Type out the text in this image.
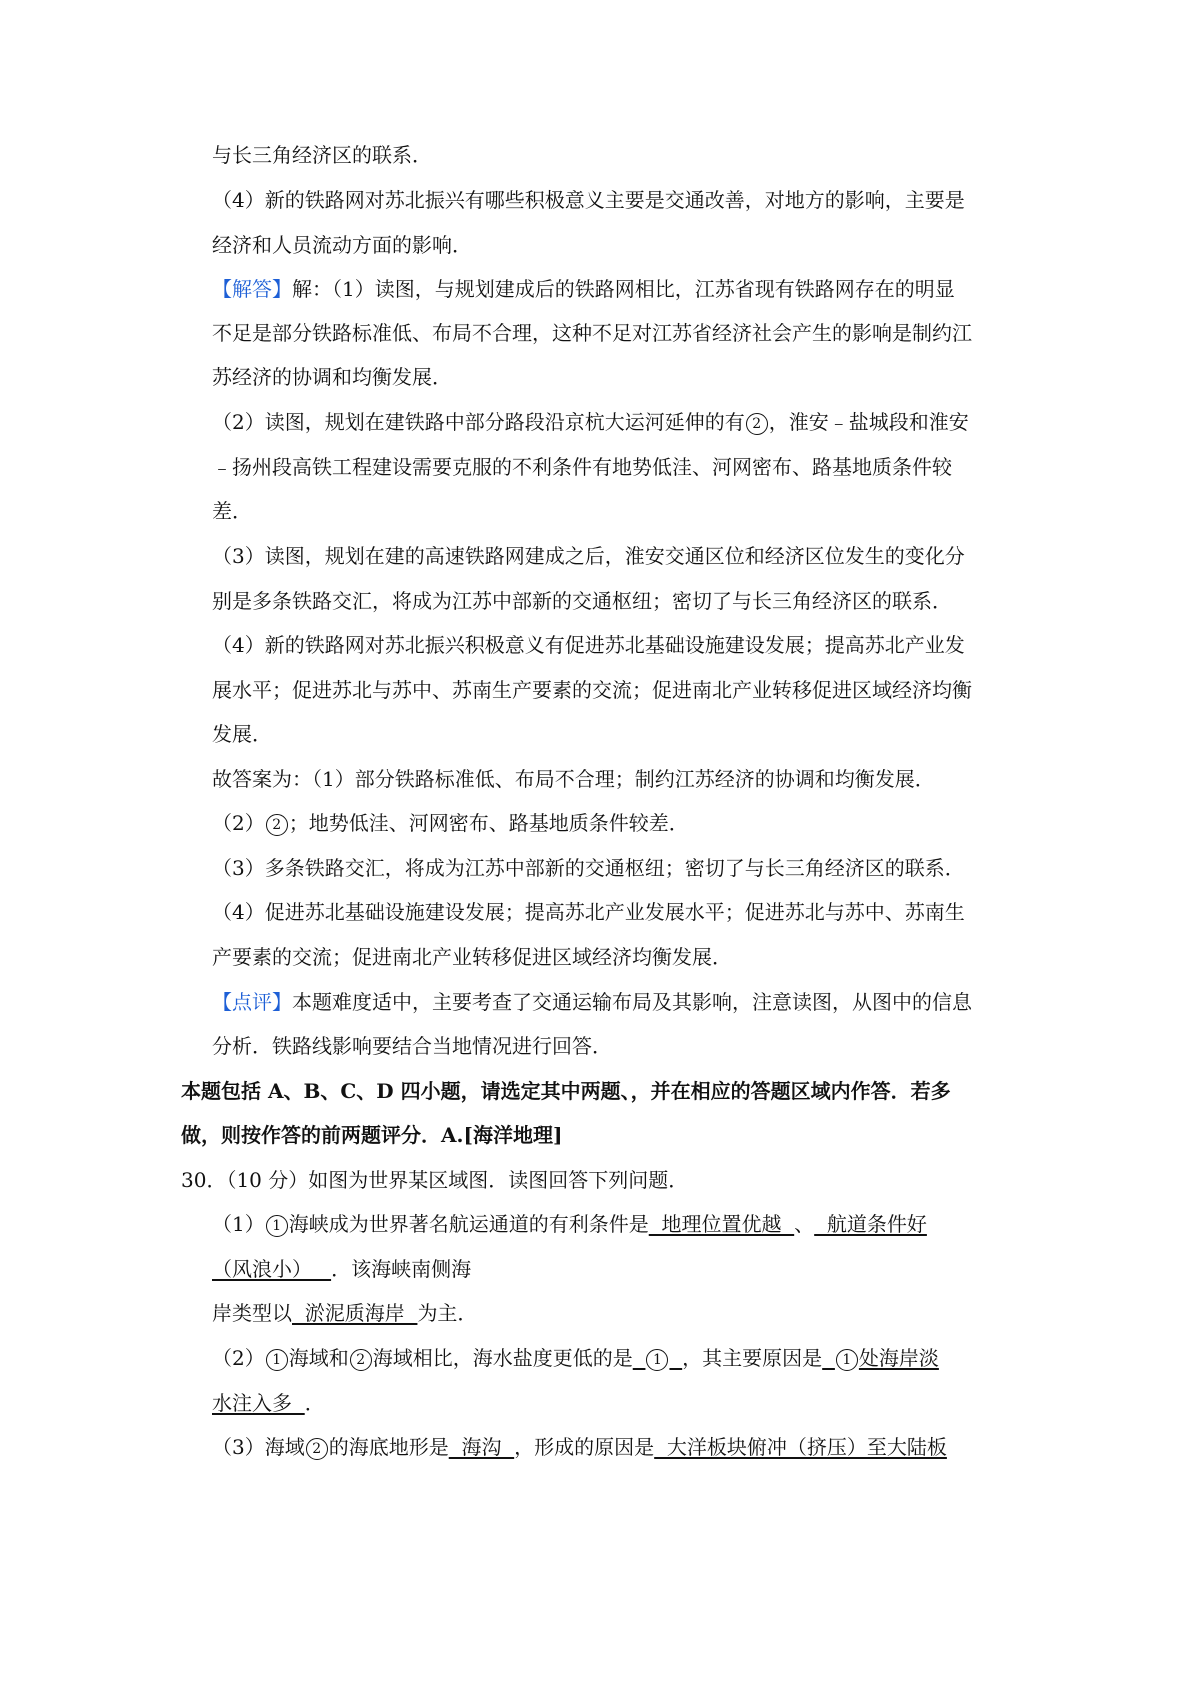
与长三角经济区的联系．
（4）新的铁路网对苏北振兴有哪些积极意义主要是交通改善，对地方的影响，主要是
经济和人员流动方面的影响．
【解答】解：（1）读图，与规划建成后的铁路网相比，江苏省现有铁路网存在的明显
不足是部分铁路标准低、布局不合理，这种不足对江苏省经济社会产生的影响是制约江
苏经济的协调和均衡发展．
（2）读图，规划在建铁路中部分路段沿京杭大运河延伸的有 2 ，淮安﹣盐城段和淮安
﹣扬州段高铁工程建设需要克服的不利条件有地势低洼、河网密布、路基地质条件较
差．
（3）读图，规划在建的高速铁路网建成之后，淮安交通区位和经济区位发生的变化分
别是多条铁路交汇，将成为江苏中部新的交通枢纽；密切了与长三角经济区的联系．
（4）新的铁路网对苏北振兴积极意义有促进苏北基础设施建设发展；提高苏北产业发
展水平；促进苏北与苏中、苏南生产要素的交流；促进南北产业转移促进区域经济均衡
发展．
故答案为：（1）部分铁路标准低、布局不合理；制约江苏经济的协调和均衡发展．
（2） 2 ；地势低洼、河网密布、路基地质条件较差．
（3）多条铁路交汇，将成为江苏中部新的交通枢纽；密切了与长三角经济区的联系．
（4）促进苏北基础设施建设发展；提高苏北产业发展水平；促进苏北与苏中、苏南生
产要素的交流；促进南北产业转移促进区域经济均衡发展．
【点评】本题难度适中，主要考查了交通运输布局及其影响，注意读图，从图中的信息
分析．铁路线影响要结合当地情况进行回答．
本题包括 A、B、C、D 四小题，请选定其中两题、，并在相应的答题区域内作答．若多
做，则按作答的前两题评分．A.[海洋地理]
30．（10 分）如图为世界某区域图．读图回答下列问题．
（1） 1 海峡成为世界著名航运通道的有利条件是  地理位置优越  、  航道条件好
（风浪小）   ．该海峡南侧海
岸类型以  淤泥质海岸  为主．
（2） 1 海域和 2 海域相比，海水盐度更低的是 1 ，其主要原因是 1 处海岸淡
水注入多  ．
（3）海域 2 的海底地形是  海沟  ，形成的原因是  大洋板块俯冲（挤压）至大陆板
